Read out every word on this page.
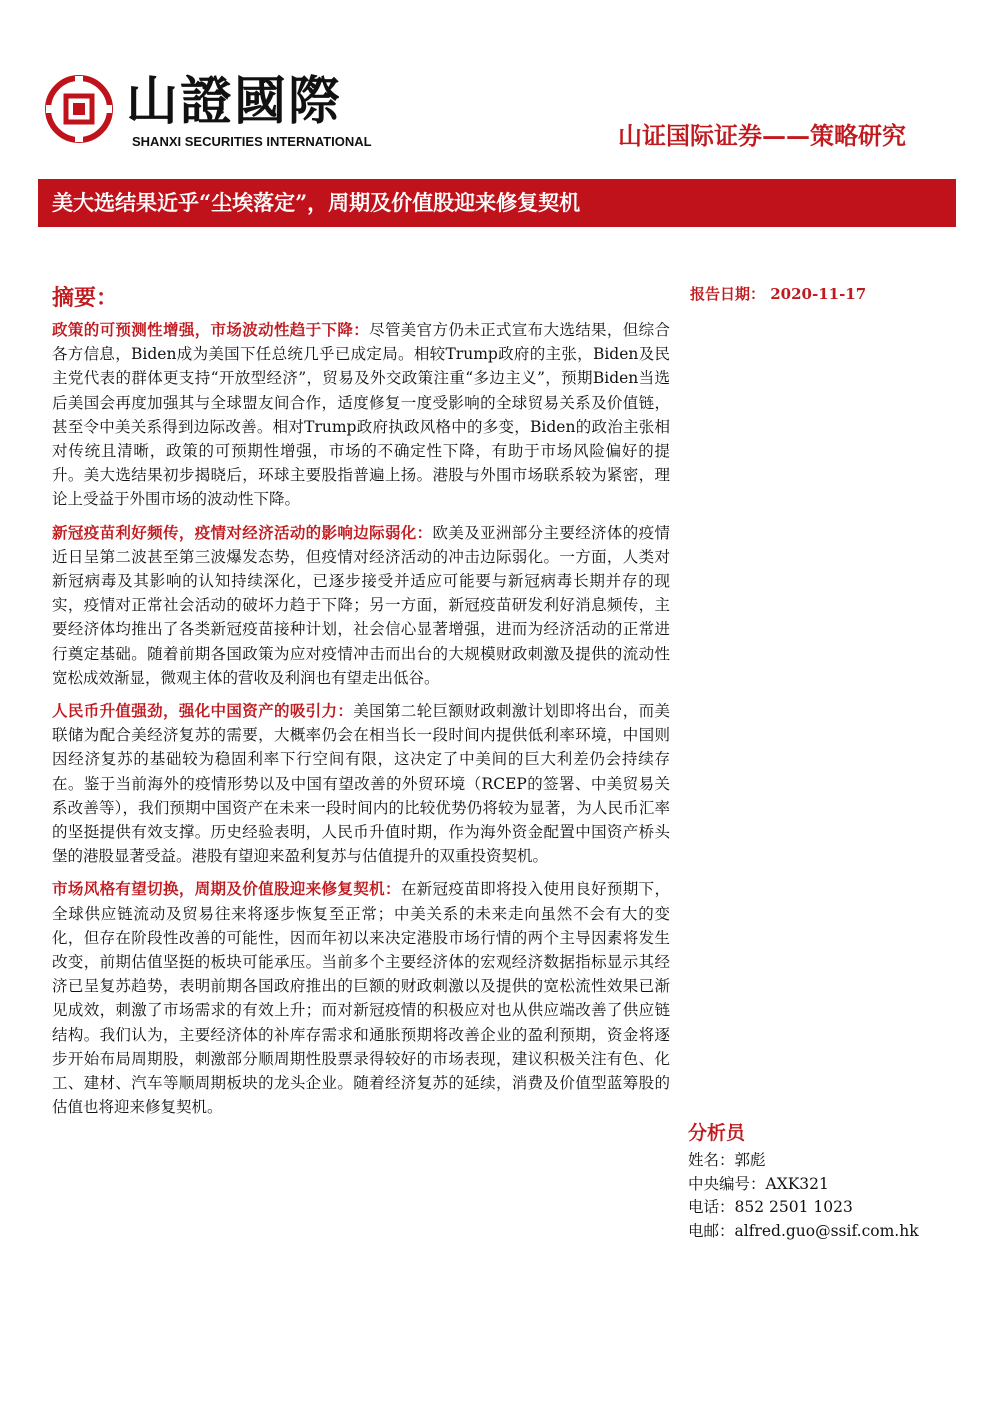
山證國際
SHANXI SECURITIES INTERNATIONAL	山证国际证券——策略研究
美大选结果近乎“尘埃落定”，周期及价值股迎来修复契机
摘要：	报告日期： 2020-11-17

政策的可预测性增强，市场波动性趋于下降：尽管美官方仍未正式宣布大选结果，但综合各方信息，Biden成为美国下任总统几乎已成定局。相较Trump政府的主张，Biden及民主党代表的群体更支持“开放型经济”，贸易及外交政策注重“多边主义”，预期Biden当选后美国会再度加强其与全球盟友间合作，适度修复一度受影响的全球贸易关系及价值链，甚至令中美关系得到边际改善。相对Trump政府执政风格中的多变，Biden的政治主张相对传统且清晰，政策的可预期性增强，市场的不确定性下降，有助于市场风险偏好的提升。美大选结果初步揭晓后，环球主要股指普遍上扬。港股与外围市场联系较为紧密，理论上受益于外围市场的波动性下降。

新冠疫苗利好频传，疫情对经济活动的影响边际弱化：欧美及亚洲部分主要经济体的疫情近日呈第二波甚至第三波爆发态势，但疫情对经济活动的冲击边际弱化。一方面，人类对新冠病毒及其影响的认知持续深化，已逐步接受并适应可能要与新冠病毒长期并存的现实，疫情对正常社会活动的破坏力趋于下降；另一方面，新冠疫苗研发利好消息频传，主要经济体均推出了各类新冠疫苗接种计划，社会信心显著增强，进而为经济活动的正常进行奠定基础。随着前期各国政策为应对疫情冲击而出台的大规模财政刺激及提供的流动性宽松成效渐显，微观主体的营收及利润也有望走出低谷。

人民币升值强劲，强化中国资产的吸引力：美国第二轮巨额财政刺激计划即将出台，而美联储为配合美经济复苏的需要，大概率仍会在相当长一段时间内提供低利率环境，中国则因经济复苏的基础较为稳固利率下行空间有限，这决定了中美间的巨大利差仍会持续存在。鉴于当前海外的疫情形势以及中国有望改善的外贸环境（RCEP的签署、中美贸易关系改善等），我们预期中国资产在未来一段时间内的比较优势仍将较为显著，为人民币汇率的坚挺提供有效支撑。历史经验表明，人民币升值时期，作为海外资金配置中国资产桥头堡的港股显著受益。港股有望迎来盈利复苏与估值提升的双重投资契机。

市场风格有望切换，周期及价值股迎来修复契机：在新冠疫苗即将投入使用良好预期下，全球供应链流动及贸易往来将逐步恢复至正常；中美关系的未来走向虽然不会有大的变化，但存在阶段性改善的可能性，因而年初以来决定港股市场行情的两个主导因素将发生改变，前期估值坚挺的板块可能承压。当前多个主要经济体的宏观经济数据指标显示其经济已呈复苏趋势，表明前期各国政府推出的巨额的财政刺激以及提供的宽松流性效果已渐见成效，刺激了市场需求的有效上升；而对新冠疫情的积极应对也从供应端改善了供应链结构。我们认为，主要经济体的补库存需求和通胀预期将改善企业的盈利预期，资金将逐步开始布局周期股，刺激部分顺周期性股票录得较好的市场表现，建议积极关注有色、化工、建材、汽车等顺周期板块的龙头企业。随着经济复苏的延续，消费及价值型蓝筹股的估值也将迎来修复契机。

分析员
姓名：郭彪
中央编号：AXK321
电话：852 2501 1023
电邮：alfred.guo@ssif.com.hk
